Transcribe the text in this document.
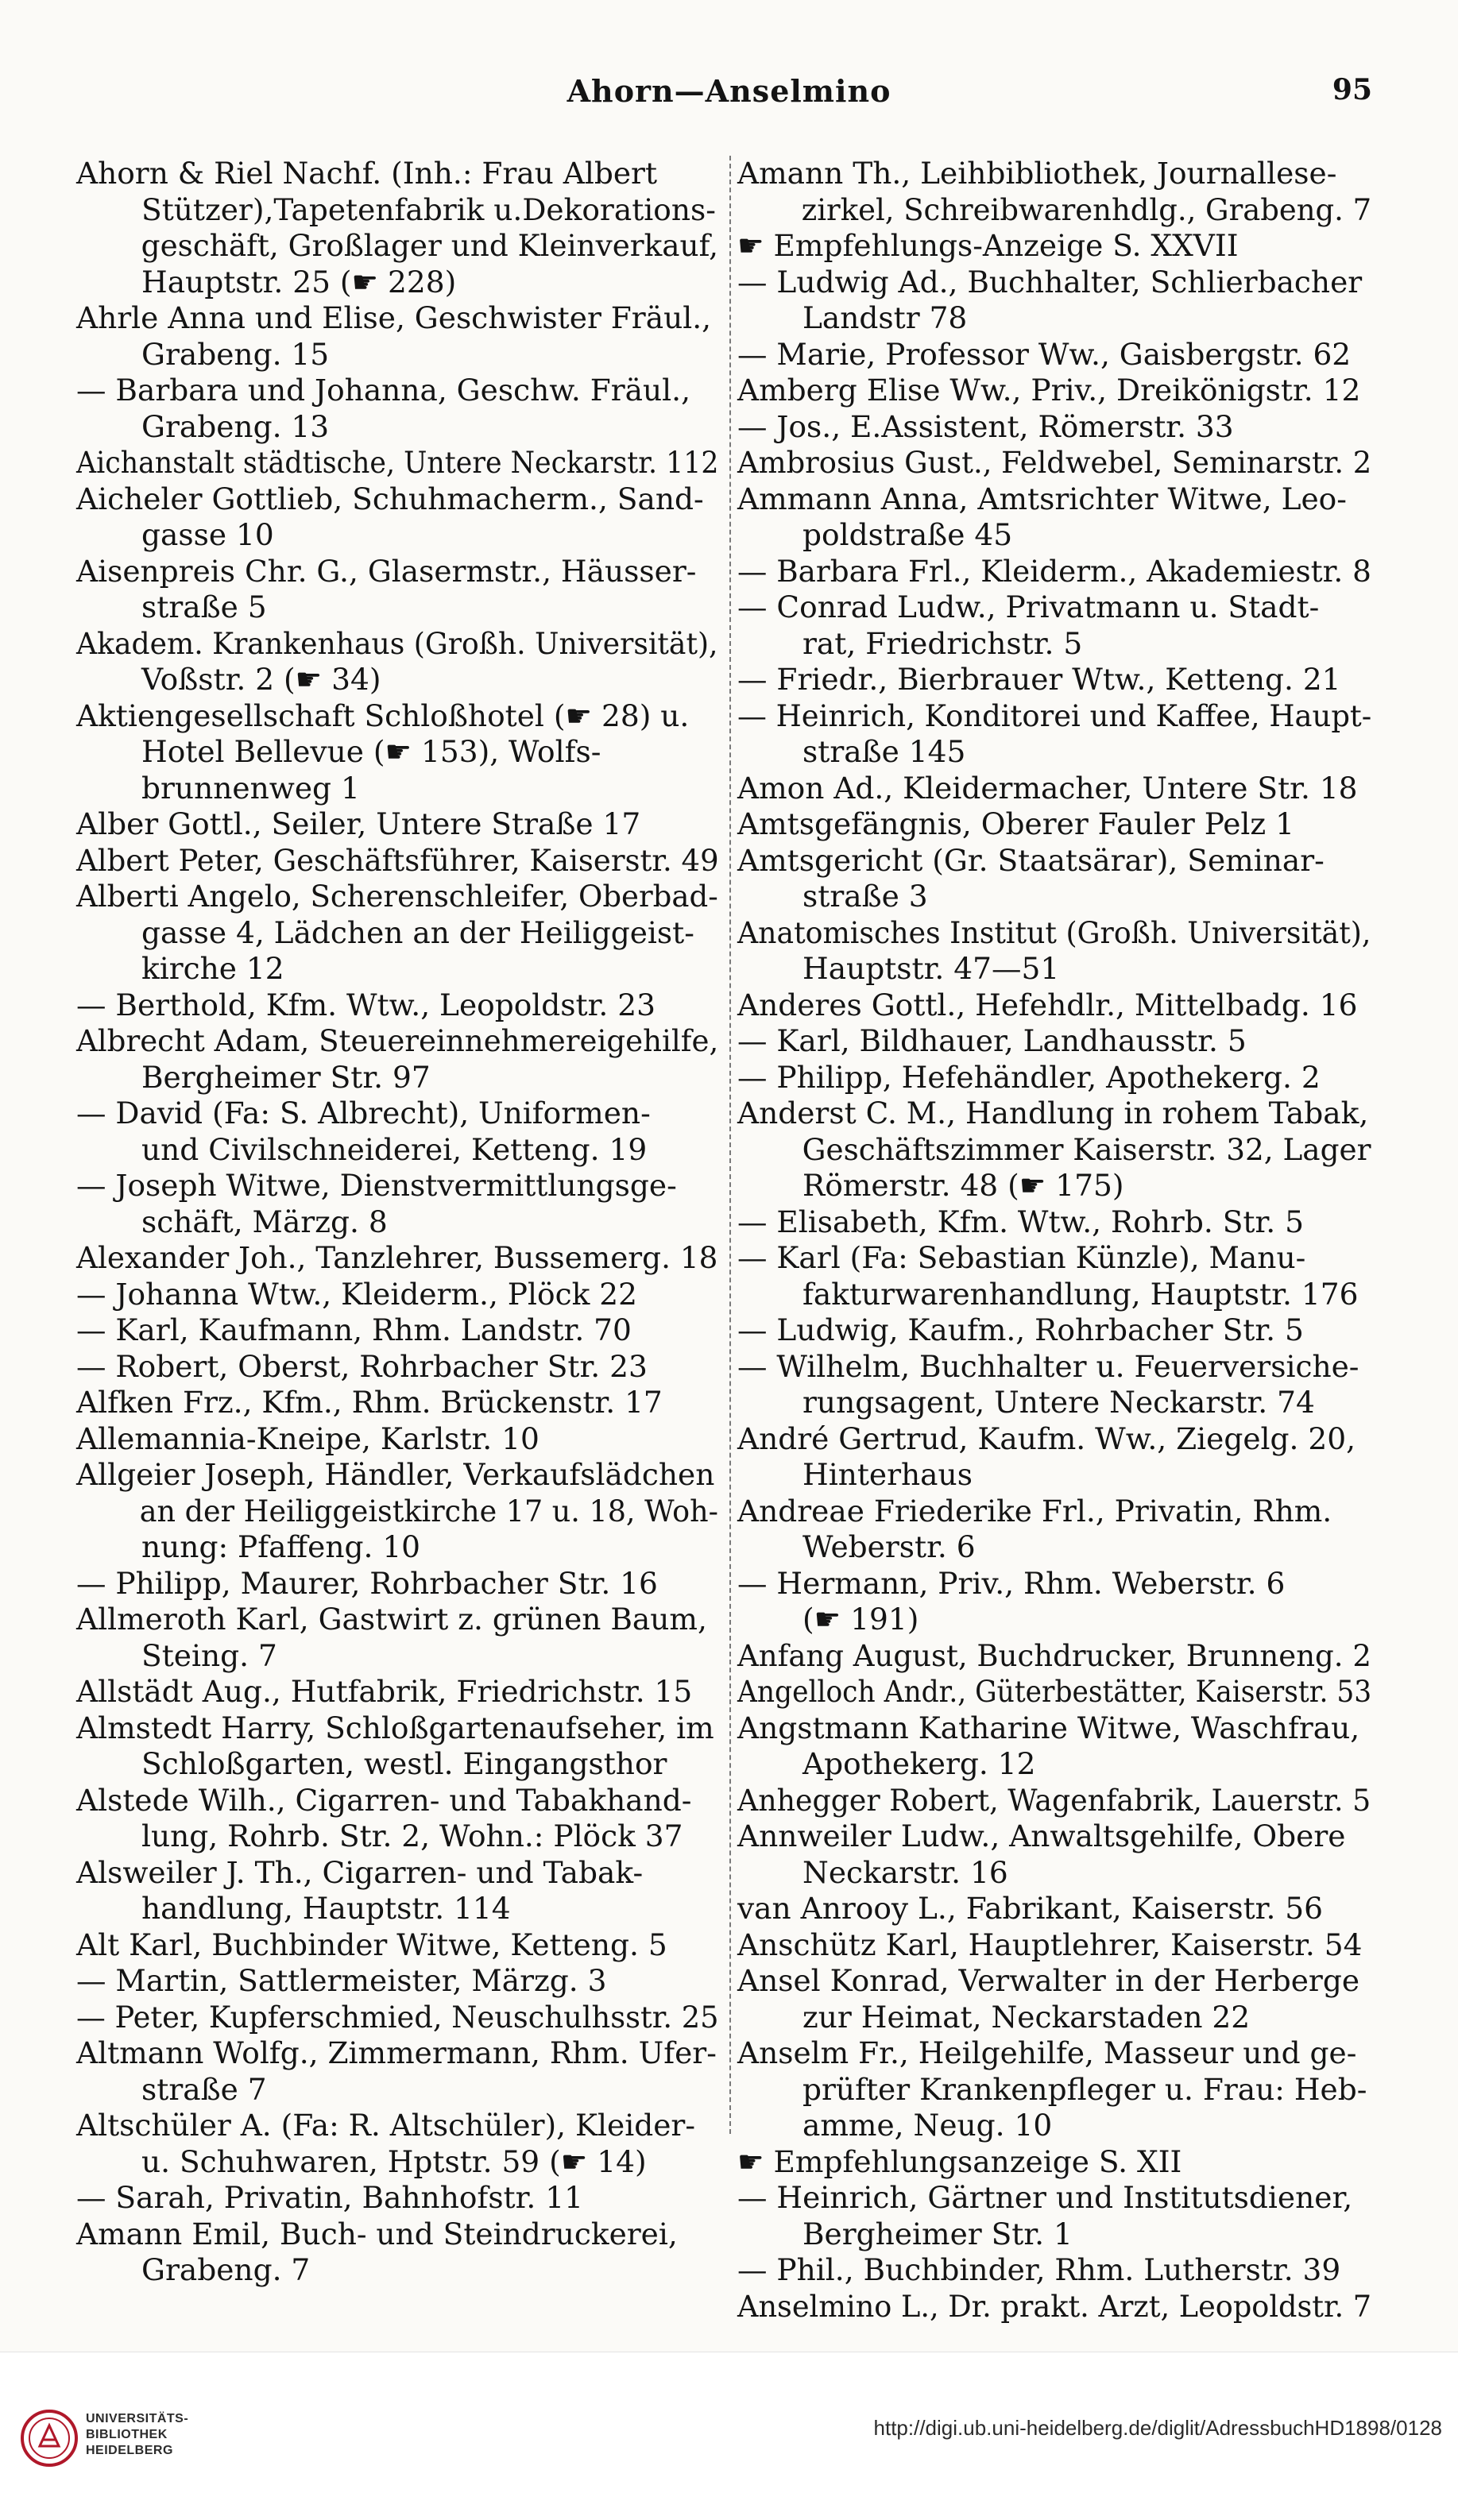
Ahorn—Anselmino	95
Ahorn & Riel Nachf. (Inh.: Frau Albert
Stützer),Tapetenfabrik u.Dekorations-
geschäft, Großlager und Kleinverkauf,
Hauptstr. 25 (☛ 228)
Ahrle Anna und Elise, Geschwister Fräul.,
Grabeng. 15
— Barbara und Johanna, Geschw. Fräul.,
Grabeng. 13
Aichanstalt städtische, Untere Neckarstr. 112
Aicheler Gottlieb, Schuhmacherm., Sand-
gasse 10
Aisenpreis Chr. G., Glasermstr., Häusser-
straße 5
Akadem. Krankenhaus (Großh. Universität),
Voßstr. 2 (☛ 34)
Aktiengesellschaft Schloßhotel (☛ 28) u.
Hotel Bellevue (☛ 153), Wolfs-
brunnenweg 1
Alber Gottl., Seiler, Untere Straße 17
Albert Peter, Geschäftsführer, Kaiserstr. 49
Alberti Angelo, Scherenschleifer, Oberbad-
gasse 4, Lädchen an der Heiliggeist-
kirche 12
— Berthold, Kfm. Wtw., Leopoldstr. 23
Albrecht Adam, Steuereinnehmereigehilfe,
Bergheimer Str. 97
— David (Fa: S. Albrecht), Uniformen-
und Civilschneiderei, Ketteng. 19
— Joseph Witwe, Dienstvermittlungsge-
schäft, Märzg. 8
Alexander Joh., Tanzlehrer, Bussemerg. 18
— Johanna Wtw., Kleiderm., Plöck 22
— Karl, Kaufmann, Rhm. Landstr. 70
— Robert, Oberst, Rohrbacher Str. 23
Alfken Frz., Kfm., Rhm. Brückenstr. 17
Allemannia-Kneipe, Karlstr. 10
Allgeier Joseph, Händler, Verkaufslädchen
an der Heiliggeistkirche 17 u. 18, Woh-
nung: Pfaffeng. 10
— Philipp, Maurer, Rohrbacher Str. 16
Allmeroth Karl, Gastwirt z. grünen Baum,
Steing. 7
Allstädt Aug., Hutfabrik, Friedrichstr. 15
Almstedt Harry, Schloßgartenaufseher, im
Schloßgarten, westl. Eingangsthor
Alstede Wilh., Cigarren- und Tabakhand-
lung, Rohrb. Str. 2, Wohn.: Plöck 37
Alsweiler J. Th., Cigarren- und Tabak-
handlung, Hauptstr. 114
Alt Karl, Buchbinder Witwe, Ketteng. 5
— Martin, Sattlermeister, Märzg. 3
— Peter, Kupferschmied, Neuschulhsstr. 25
Altmann Wolfg., Zimmermann, Rhm. Ufer-
straße 7
Altschüler A. (Fa: R. Altschüler), Kleider-
u. Schuhwaren, Hptstr. 59 (☛ 14)
— Sarah, Privatin, Bahnhofstr. 11
Amann Emil, Buch- und Steindruckerei,
Grabeng. 7
Amann Th., Leihbibliothek, Journallese-
zirkel, Schreibwarenhdlg., Grabeng. 7
☛ Empfehlungs-Anzeige S. XXVII
— Ludwig Ad., Buchhalter, Schlierbacher
Landstr 78
— Marie, Professor Ww., Gaisbergstr. 62
Amberg Elise Ww., Priv., Dreikönigstr. 12
— Jos., E.Assistent, Römerstr. 33
Ambrosius Gust., Feldwebel, Seminarstr. 2
Ammann Anna, Amtsrichter Witwe, Leo-
poldstraße 45
— Barbara Frl., Kleiderm., Akademiestr. 8
— Conrad Ludw., Privatmann u. Stadt-
rat, Friedrichstr. 5
— Friedr., Bierbrauer Wtw., Ketteng. 21
— Heinrich, Konditorei und Kaffee, Haupt-
straße 145
Amon Ad., Kleidermacher, Untere Str. 18
Amtsgefängnis, Oberer Fauler Pelz 1
Amtsgericht (Gr. Staatsärar), Seminar-
straße 3
Anatomisches Institut (Großh. Universität),
Hauptstr. 47—51
Anderes Gottl., Hefehdlr., Mittelbadg. 16
— Karl, Bildhauer, Landhausstr. 5
— Philipp, Hefehändler, Apothekerg. 2
Anderst C. M., Handlung in rohem Tabak,
Geschäftszimmer Kaiserstr. 32, Lager
Römerstr. 48 (☛ 175)
— Elisabeth, Kfm. Wtw., Rohrb. Str. 5
— Karl (Fa: Sebastian Künzle), Manu-
fakturwarenhandlung, Hauptstr. 176
— Ludwig, Kaufm., Rohrbacher Str. 5
— Wilhelm, Buchhalter u. Feuerversiche-
rungsagent, Untere Neckarstr. 74
André Gertrud, Kaufm. Ww., Ziegelg. 20,
Hinterhaus
Andreae Friederike Frl., Privatin, Rhm.
Weberstr. 6
— Hermann, Priv., Rhm. Weberstr. 6
(☛ 191)
Anfang August, Buchdrucker, Brunneng. 2
Angelloch Andr., Güterbestätter, Kaiserstr. 53
Angstmann Katharine Witwe, Waschfrau,
Apothekerg. 12
Anhegger Robert, Wagenfabrik, Lauerstr. 5
Annweiler Ludw., Anwaltsgehilfe, Obere
Neckarstr. 16
van Anrooy L., Fabrikant, Kaiserstr. 56
Anschütz Karl, Hauptlehrer, Kaiserstr. 54
Ansel Konrad, Verwalter in der Herberge
zur Heimat, Neckarstaden 22
Anselm Fr., Heilgehilfe, Masseur und ge-
prüfter Krankenpfleger u. Frau: Heb-
amme, Neug. 10
☛ Empfehlungsanzeige S. XII
— Heinrich, Gärtner und Institutsdiener,
Bergheimer Str. 1
— Phil., Buchbinder, Rhm. Lutherstr. 39
Anselmino L., Dr. prakt. Arzt, Leopoldstr. 7
UNIVERSITÄTS-
BIBLIOTHEK
HEIDELBERG
http://digi.ub.uni-heidelberg.de/diglit/AdressbuchHD1898/0128
